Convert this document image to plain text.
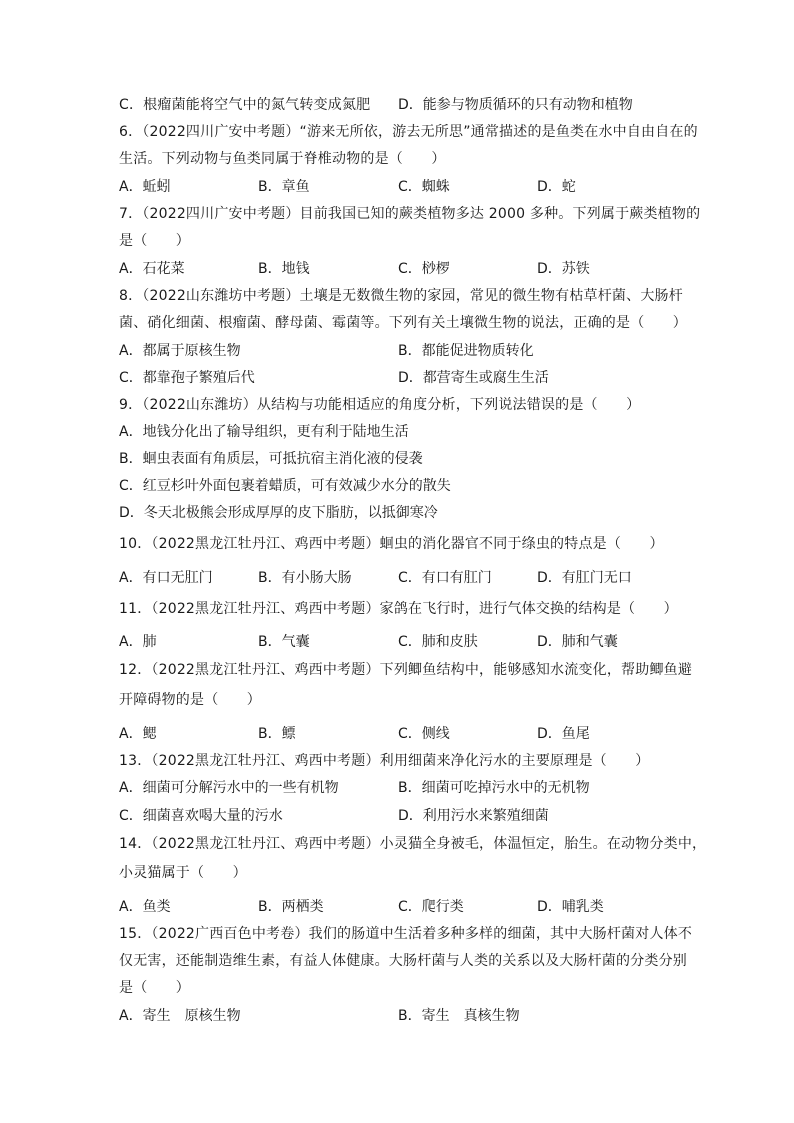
C．根瘤菌能将空气中的氮气转变成氮肥 D．能参与物质循环的只有动物和植物
6．（2022四川广安中考题）“游来无所依，游去无所思”通常描述的是鱼类在水中自由自在的
生活。下列动物与鱼类同属于脊椎动物的是（　　）
A．蚯蚓	B．章鱼	C．蜘蛛	D．蛇
7．（2022四川广安中考题）目前我国已知的蕨类植物多达 2000 多种。下列属于蕨类植物的
是（　　）
A．石花菜	B．地钱	C．桫椤	D．苏铁
8．（2022山东潍坊中考题）土壤是无数微生物的家园，常见的微生物有枯草杆菌、大肠杆
菌、硝化细菌、根瘤菌、酵母菌、霉菌等。下列有关土壤微生物的说法，正确的是（　　）
A．都属于原核生物	B．都能促进物质转化
C．都靠孢子繁殖后代	D．都营寄生或腐生生活
9．（2022山东潍坊）从结构与功能相适应的角度分析，下列说法错误的是（　　）
A．地钱分化出了输导组织，更有利于陆地生活
B．蛔虫表面有角质层，可抵抗宿主消化液的侵袭
C．红豆杉叶外面包裹着蜡质，可有效减少水分的散失
D．冬天北极熊会形成厚厚的皮下脂肪，以抵御寒冷
10．（2022黑龙江牡丹江、鸡西中考题）蛔虫的消化器官不同于绦虫的特点是（　　）
A．有口无肛门	B．有小肠大肠	C．有口有肛门	D．有肛门无口
11．（2022黑龙江牡丹江、鸡西中考题）家鸽在飞行时，进行气体交换的结构是（　　）
A．肺	B．气囊	C．肺和皮肤	D．肺和气囊
12．（2022黑龙江牡丹江、鸡西中考题）下列鲫鱼结构中，能够感知水流变化，帮助鲫鱼避
开障碍物的是（　　）
A．鳃	B．鳔	C．侧线	D．鱼尾
13．（2022黑龙江牡丹江、鸡西中考题）利用细菌来净化污水的主要原理是（　　）
A．细菌可分解污水中的一些有机物	B．细菌可吃掉污水中的无机物
C．细菌喜欢喝大量的污水	D．利用污水来繁殖细菌
14．（2022黑龙江牡丹江、鸡西中考题）小灵猫全身被毛，体温恒定，胎生。在动物分类中，
小灵猫属于（　　）
A．鱼类	B．两栖类	C．爬行类	D．哺乳类
15．（2022广西百色中考卷）我们的肠道中生活着多种多样的细菌，其中大肠杆菌对人体不
仅无害，还能制造维生素，有益人体健康。大肠杆菌与人类的关系以及大肠杆菌的分类分别
是（　　）
A．寄生　原核生物	B．寄生　真核生物
